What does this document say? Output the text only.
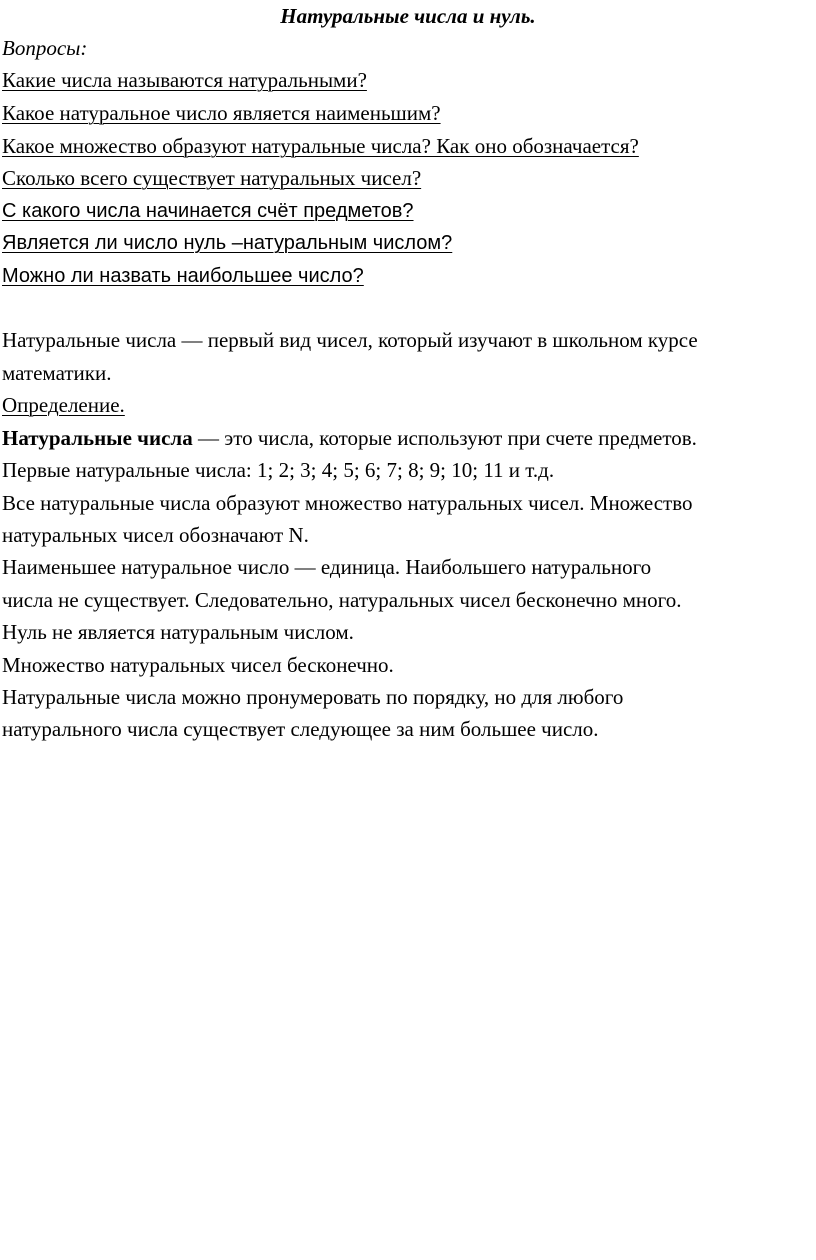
Натуральные числа и нуль.
Вопросы:
Какие числа называются натуральными?
Какое натуральное число является наименьшим?
Какое множество образуют натуральные числа? Как оно обозначается?
Сколько всего существует натуральных чисел?
С какого числа начинается счёт предметов?
Является ли число нуль –натуральным числом?
Можно ли назвать наибольшее число?
Натуральные числа — первый вид чисел, который изучают в школьном курсе
математики.
Определение.
Натуральные числа — это числа, которые используют при счете предметов.
Первые натуральные числа: 1; 2; 3; 4; 5; 6; 7; 8; 9; 10; 11 и т.д.
Все натуральные числа образуют множество натуральных чисел. Множество
натуральных чисел обозначают N.
Наименьшее натуральное число — единица. Наибольшего натурального
числа не существует. Следовательно, натуральных чисел бесконечно много.
Нуль не является натуральным числом.
Множество натуральных чисел бесконечно.
Натуральные числа можно пронумеровать по порядку, но для любого
натурального числа существует следующее за ним большее число.
